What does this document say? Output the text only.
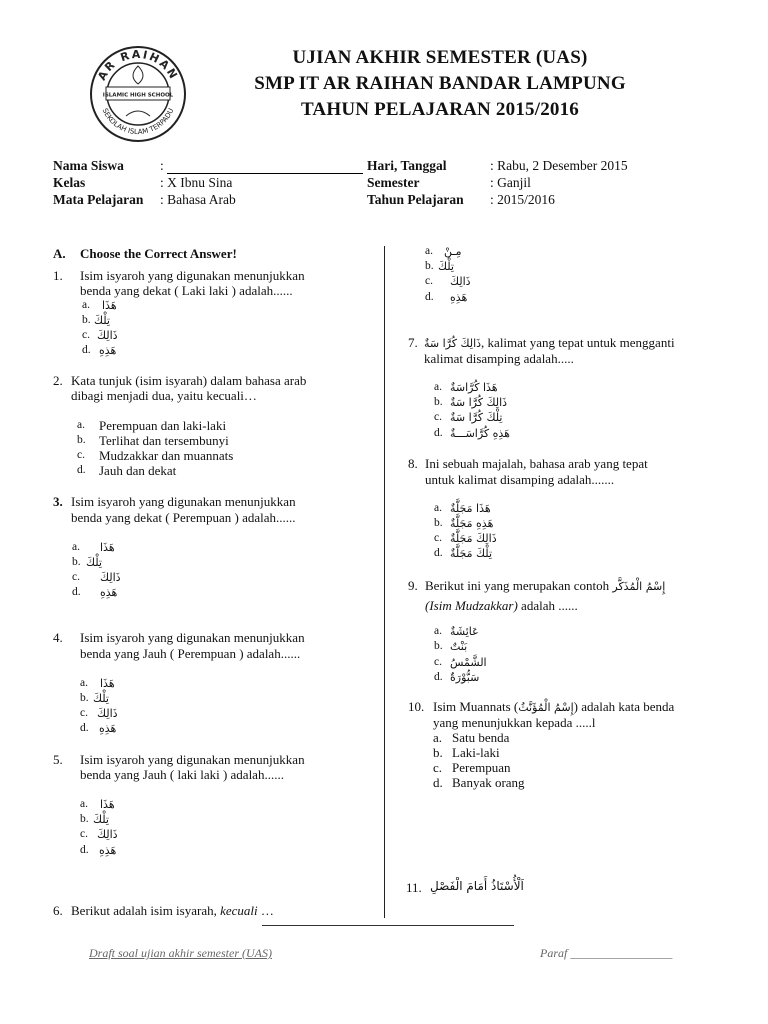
AR RAIHAN
ISLAMIC HIGH SCHOOL
SEKOLAH ISLAM TERPADU
UJIAN AKHIR SEMESTER (UAS)
SMP IT AR RAIHAN BANDAR LAMPUNG
TAHUN PELAJARAN 2015/2016
Nama Siswa	:
Kelas	: X Ibnu Sina
Mata Pelajaran : Bahasa Arab
Hari, Tanggal	: Rabu, 2 Desember 2015
Semester	: Ganjil
Tahun Pelajaran : 2015/2016
A. Choose the Correct Answer!
1. Isim isyaroh yang digunakan menunjukkan
benda yang dekat ( Laki laki ) adalah......
a. هَذَا
b. تِلْكَ
c. ذَالِكَ
d. هَذِهِ
2. Kata tunjuk (isim isyarah) dalam bahasa arab
dibagi menjadi dua, yaitu kecuali…
a. Perempuan dan laki-laki
b. Terlihat dan tersembunyi
c. Mudzakkar dan muannats
d. Jauh dan dekat
3. Isim isyaroh yang digunakan menunjukkan
benda yang dekat ( Perempuan ) adalah......
a. هَذَا
b. تِلْكَ
c. ذَالِكَ
d. هَذِهِ
4. Isim isyaroh yang digunakan menunjukkan
benda yang Jauh ( Perempuan ) adalah......
a. هَذَا
b. تِلْكَ
c. ذَالِكَ
d. هَذِهِ
5. Isim isyaroh yang digunakan menunjukkan
benda yang Jauh ( laki laki ) adalah......
a. هَذَا
b. تِلْكَ
c. ذَالِكَ
d. هَذِهِ
6. Berikut adalah isim isyarah, kecuali …
a. مِـنْ
b. تِلْكَ
c. ذَالِكَ
d. هَذِهِ
7. ذَالِكَ كُرَّا سَةٌ, kalimat yang tepat untuk mengganti
kalimat disamping adalah.....
a. هَذَا كُرَّاسَةٌ
b. ذَالِكَ كُرَّا سَةٌ
c. تِلْكَ كُرَّا سَةٌ
d. هَذِهِ كُرَّاسَـــةٌ
8. Ini sebuah majalah, bahasa arab yang tepat
untuk kalimat disamping adalah.......
a. هَذَا مَجَلَّةٌ
b. هَذِهِ مَجَلَّةٌ
c. ذَالِكَ مَجَلَّةٌ
d. تِلْكَ مَجَلَّةٌ
9. Berikut ini yang merupakan contoh إِسْمُ الْمُذَكَّر
(Isim Mudzakkar) adalah ......
a. عَائِشَةٌ
b. بَنْتٌ
c. الشَّمْسُ
d. سَبُّوْرَةٌ
10. Isim Muannats (إِسْمُ الْمُؤَنَّثُ) adalah kata benda
yang menunjukkan kepada .....l
a. Satu benda
b. Laki-laki
c. Perempuan
d. Banyak orang
11. اَلْأُسْتَاذُ أَمَامَ الْفَصْلِ
Draft soal ujian akhir semester (UAS)	Paraf _________________
